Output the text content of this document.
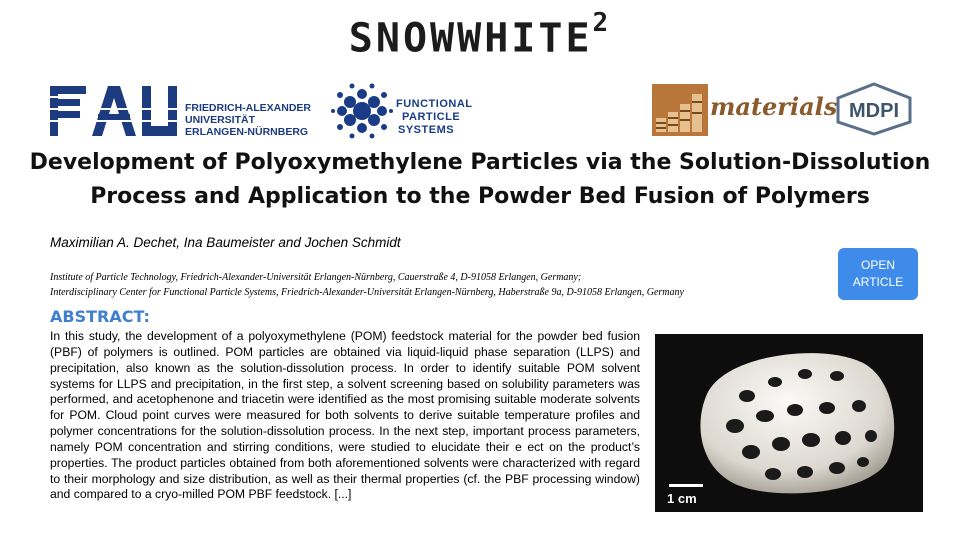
SNOWWHITE$^2$
FRIEDRICH-ALEXANDER
UNIVERSITÄT
ERLANGEN-NÜRNBERG
FUNCTIONAL
PARTICLE
SYSTEMS
materials MDPI
Development of Polyoxymethylene Particles via the Solution-Dissolution
Process and Application to the Powder Bed Fusion of Polymers
Maximilian A. Dechet, Ina Baumeister and Jochen Schmidt
Institute of Particle Technology, Friedrich-Alexander-Universität Erlangen-Nürnberg, Cauerstraße 4, D-91058 Erlangen, Germany;
Interdisciplinary Center for Functional Particle Systems, Friedrich-Alexander-Universität Erlangen-Nürnberg, Haberstraße 9a, D-91058 Erlangen, Germany
OPEN
ARTICLE
ABSTRACT:
In this study, the development of a polyoxymethylene (POM) feedstock material for the powder bed fusion (PBF) of polymers is outlined. POM particles are obtained via liquid-liquid phase separation (LLPS) and precipitation, also known as the solution-dissolution process. In order to identify suitable POM solvent systems for LLPS and precipitation, in the first step, a solvent screening based on solubility parameters was performed, and acetophenone and triacetin were identified as the most promising suitable moderate solvents for POM. Cloud point curves were measured for both solvents to derive suitable temperature profiles and polymer concentrations for the solution-dissolution process. In the next step, important process parameters, namely POM concentration and stirring conditions, were studied to elucidate their e ect on the product’s properties. The product particles obtained from both aforementioned solvents were characterized with regard to their morphology and size distribution, as well as their thermal properties (cf. the PBF processing window) and compared to a cryo-milled POM PBF feedstock. [...]	1 cm
